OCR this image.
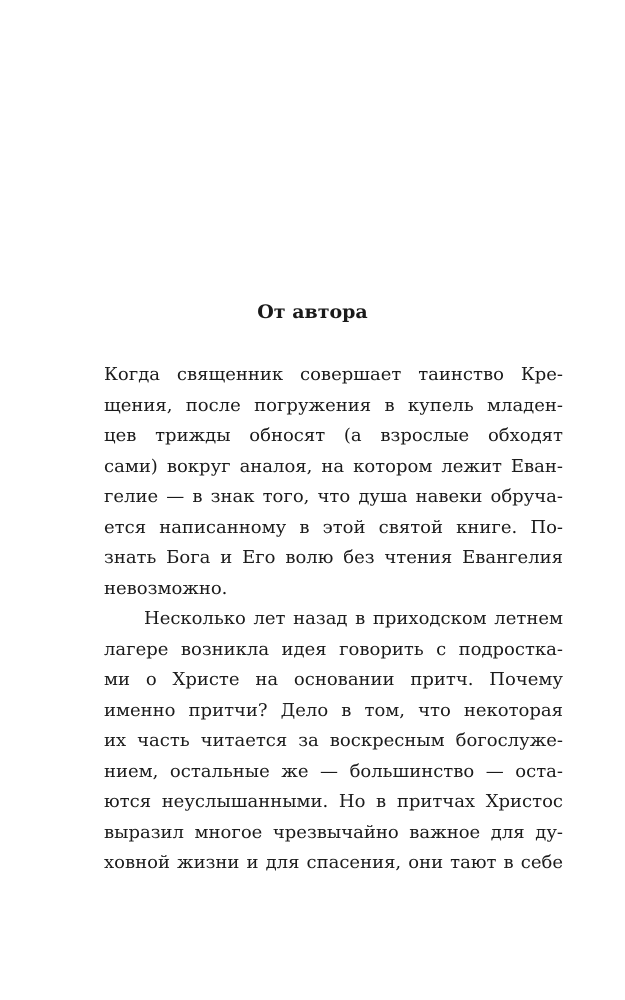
От автора
Когда священник совершает таинство Кре-
щения, после погружения в купель младен-
цев трижды обносят (а взрослые обходят
сами) вокруг аналоя, на котором лежит Еван-
гелие — в знак того, что душа навеки обруча-
ется написанному в этой святой книге. По-
знать Бога и Его волю без чтения Евангелия
невозможно.
Несколько лет назад в приходском летнем
лагере возникла идея говорить с подростка-
ми о Христе на основании притч. Почему
именно притчи? Дело в том, что некоторая
их часть читается за воскресным богослуже-
нием, остальные же — большинство — оста-
ются неуслышанными. Но в притчах Христос
выразил многое чрезвычайно важное для ду-
ховной жизни и для спасения, они тают в себе
